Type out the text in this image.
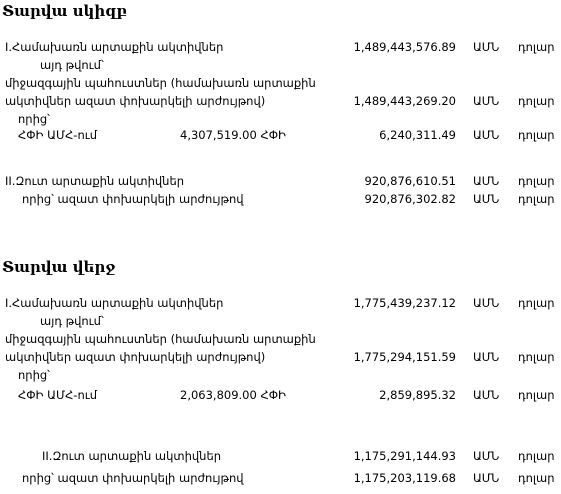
Տարվա սկիզբ
I.Համախառն արտաքին ակտիվներ	1,489,443,576.89 ԱՄՆ դոլար
այդ թվում՝
միջազգային պահուստներ (համախառն արտաքին
ակտիվներ ազատ փոխարկելի արժույթով)	1,489,443,269.20 ԱՄՆ դոլար
որից՝
ՀՓԻ ԱՄՀ-ում	4,307,519.00 ՀՓԻ	6,240,311.49 ԱՄՆ դոլար
II.Զուտ արտաքին ակտիվներ	920,876,610.51 ԱՄՆ դոլար
որից՝ ազատ փոխարկելի արժույթով	920,876,302.82 ԱՄՆ դոլար
Տարվա վերջ
I.Համախառն արտաքին ակտիվներ	1,775,439,237.12 ԱՄՆ դոլար
այդ թվում՝
միջազգային պահուստներ (համախառն արտաքին
ակտիվներ ազատ փոխարկելի արժույթով)	1,775,294,151.59 ԱՄՆ դոլար
որից՝
ՀՓԻ ԱՄՀ-ում	2,063,809.00 ՀՓԻ	2,859,895.32 ԱՄՆ դոլար
II.Զուտ արտաքին ակտիվներ	1,175,291,144.93 ԱՄՆ դոլար
որից՝ ազատ փոխարկելի արժույթով	1,175,203,119.68 ԱՄՆ դոլար
